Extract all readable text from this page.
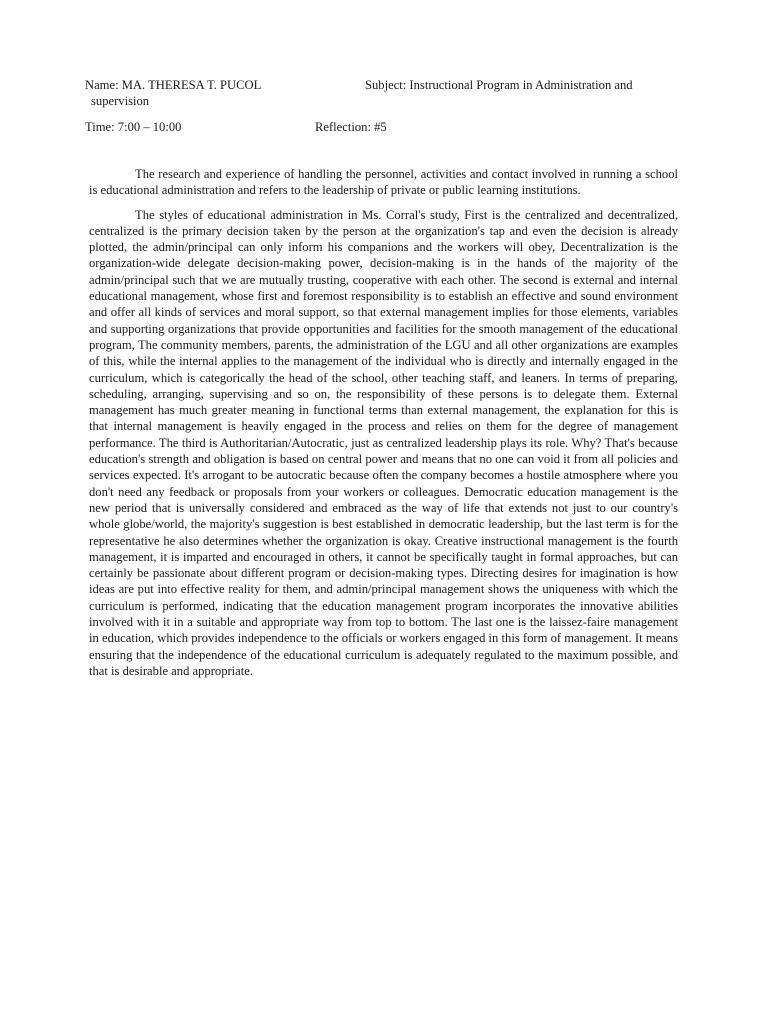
Name: MA. THERESA T. PUCOL	Subject: Instructional Program in Administration and
supervision
Time: 7:00 – 10:00	Reflection: #5

The research and experience of handling the personnel, activities and contact involved in running a school is educational administration and refers to the leadership of private or public learning institutions.

The styles of educational administration in Ms. Corral's study, First is the centralized and decentralized, centralized is the primary decision taken by the person at the organization's tap and even the decision is already plotted, the admin/principal can only inform his companions and the workers will obey, Decentralization is the organization-wide delegate decision-making power, decision-making is in the hands of the majority of the admin/principal such that we are mutually trusting, cooperative with each other. The second is external and internal educational management, whose first and foremost responsibility is to establish an effective and sound environment and offer all kinds of services and moral support, so that external management implies for those elements, variables and supporting organizations that provide opportunities and facilities for the smooth management of the educational program, The community members, parents, the administration of the LGU and all other organizations are examples of this, while the internal applies to the management of the individual who is directly and internally engaged in the curriculum, which is categorically the head of the school, other teaching staff, and leaners. In terms of preparing, scheduling, arranging, supervising and so on, the responsibility of these persons is to delegate them. External management has much greater meaning in functional terms than external management, the explanation for this is that internal management is heavily engaged in the process and relies on them for the degree of management performance. The third is Authoritarian/Autocratic, just as centralized leadership plays its role. Why? That's because education's strength and obligation is based on central power and means that no one can void it from all policies and services expected. It's arrogant to be autocratic because often the company becomes a hostile atmosphere where you don't need any feedback or proposals from your workers or colleagues. Democratic education management is the new period that is universally considered and embraced as the way of life that extends not just to our country's whole globe/world, the majority's suggestion is best established in democratic leadership, but the last term is for the representative he also determines whether the organization is okay. Creative instructional management is the fourth management, it is imparted and encouraged in others, it cannot be specifically taught in formal approaches, but can certainly be passionate about different program or decision-making types. Directing desires for imagination is how ideas are put into effective reality for them, and admin/principal management shows the uniqueness with which the curriculum is performed, indicating that the education management program incorporates the innovative abilities involved with it in a suitable and appropriate way from top to bottom. The last one is the laissez-faire management in education, which provides independence to the officials or workers engaged in this form of management. It means ensuring that the independence of the educational curriculum is adequately regulated to the maximum possible, and that is desirable and appropriate.
